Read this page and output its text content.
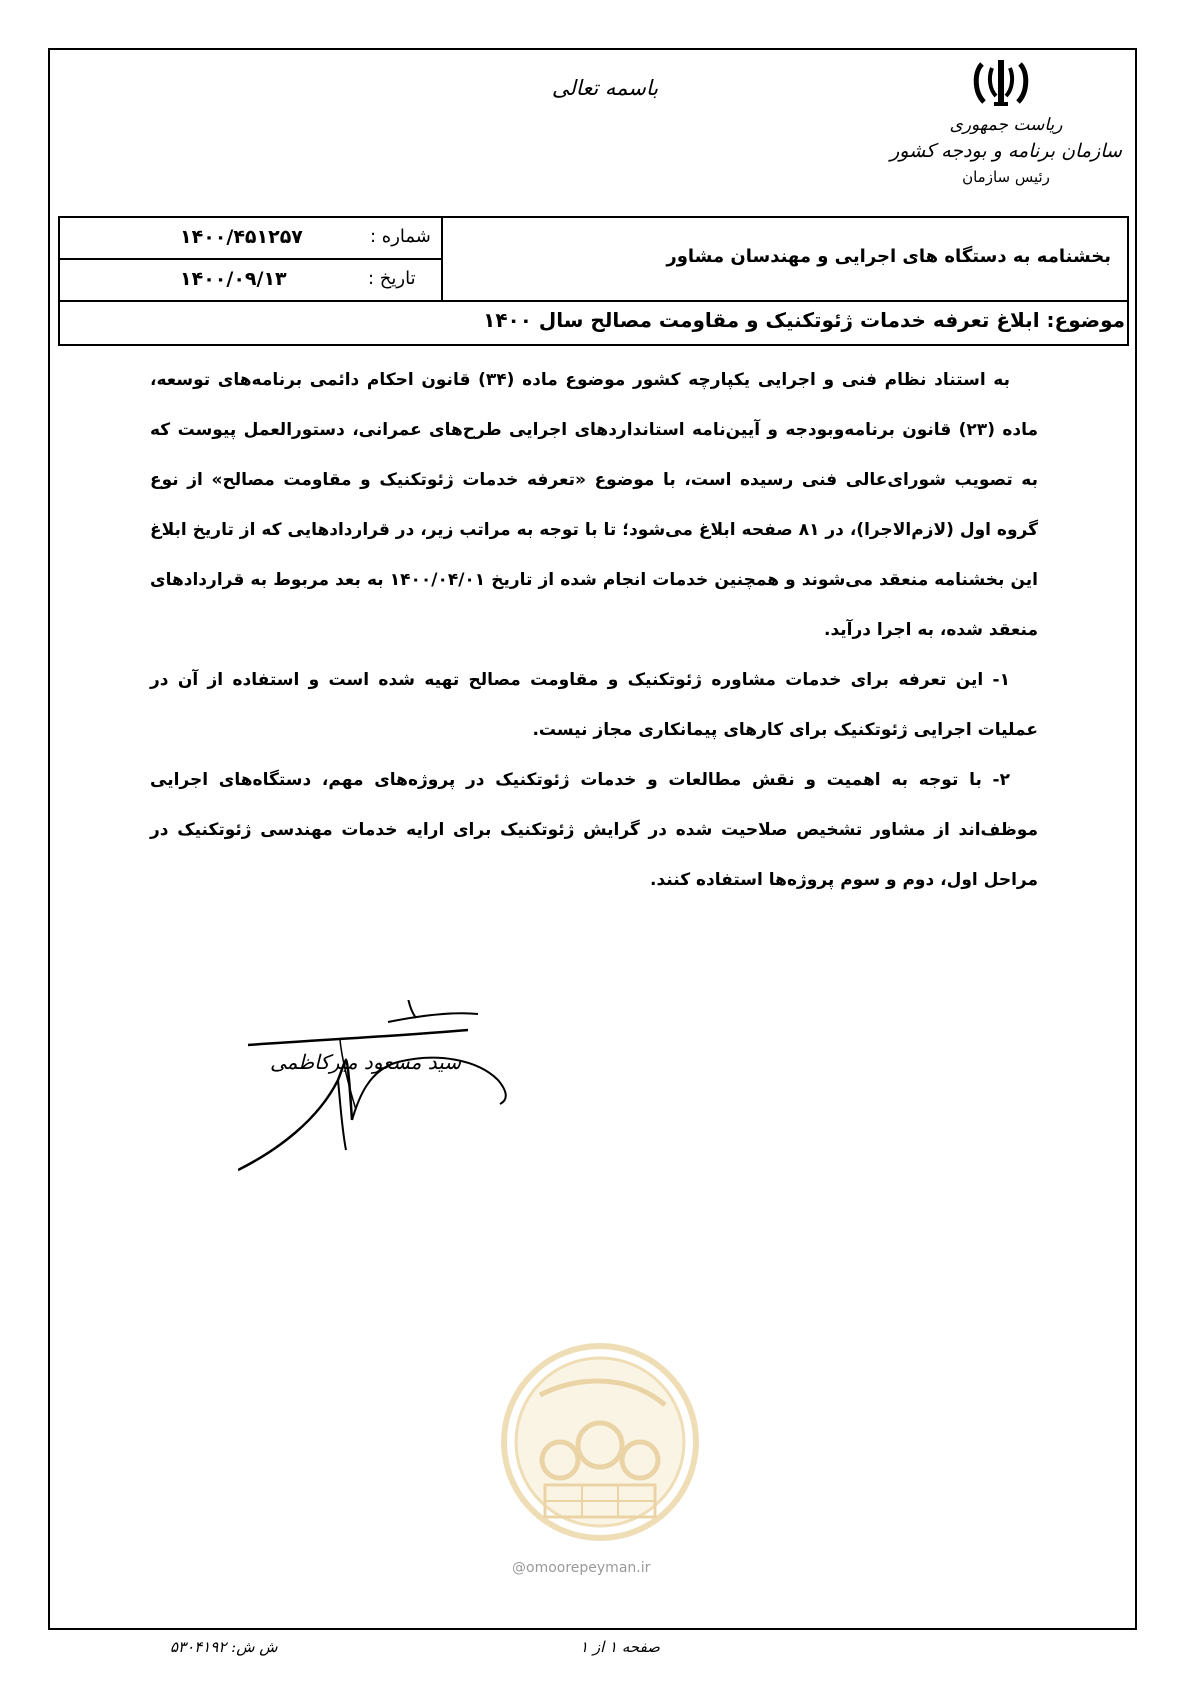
باسمه تعالی
ریاست جمهوری
سازمان برنامه و بودجه کشور
رئیس سازمان
بخشنامه به دستگاه های اجرایی و مهندسان مشاور
شماره :
۱۴۰۰/۴۵۱۲۵۷
تاریخ :
۱۴۰۰/۰۹/۱۳
موضوع: ابلاغ تعرفه خدمات ژئوتکنیک و مقاومت مصالح سال ۱۴۰۰

به استناد نظام فنی و اجرایی یکپارچه کشور موضوع ماده (۳۴) قانون احکام دائمی برنامه‌های توسعه، ماده (۲۳) قانون برنامه‌وبودجه و آیین‌نامه استانداردهای اجرایی طرح‌های عمرانی، دستورالعمل پیوست که به تصویب شورای‌عالی فنی رسیده است، با موضوع «تعرفه خدمات ژئوتکنیک و مقاومت مصالح» از نوع گروه اول (لازم‌الاجرا)، در ۸۱ صفحه ابلاغ می‌شود؛ تا با توجه به مراتب زیر، در قراردادهایی که از تاریخ ابلاغ این بخشنامه منعقد می‌شوند و همچنین خدمات انجام شده از تاریخ ۱۴۰۰/۰۴/۰۱ به بعد مربوط به قراردادهای منعقد شده، به اجرا درآید.

۱- این تعرفه برای خدمات مشاوره ژئوتکنیک و مقاومت مصالح تهیه شده است و استفاده از آن در عملیات اجرایی ژئوتکنیک برای کارهای پیمانکاری مجاز نیست.

۲- با توجه به اهمیت و نقش مطالعات و خدمات ژئوتکنیک در پروژه‌های مهم، دستگاه‌های اجرایی موظف‌اند از مشاور تشخیص صلاحیت شده در گرایش ژئوتکنیک برای ارایه خدمات مهندسی ژئوتکنیک در مراحل اول، دوم و سوم پروژه‌ها استفاده کنند.

سید مسعود میرکاظمی
@omoorepeyman.ir
ش ش: ۵۳۰۴۱۹۲	صفحه ۱ از ۱
